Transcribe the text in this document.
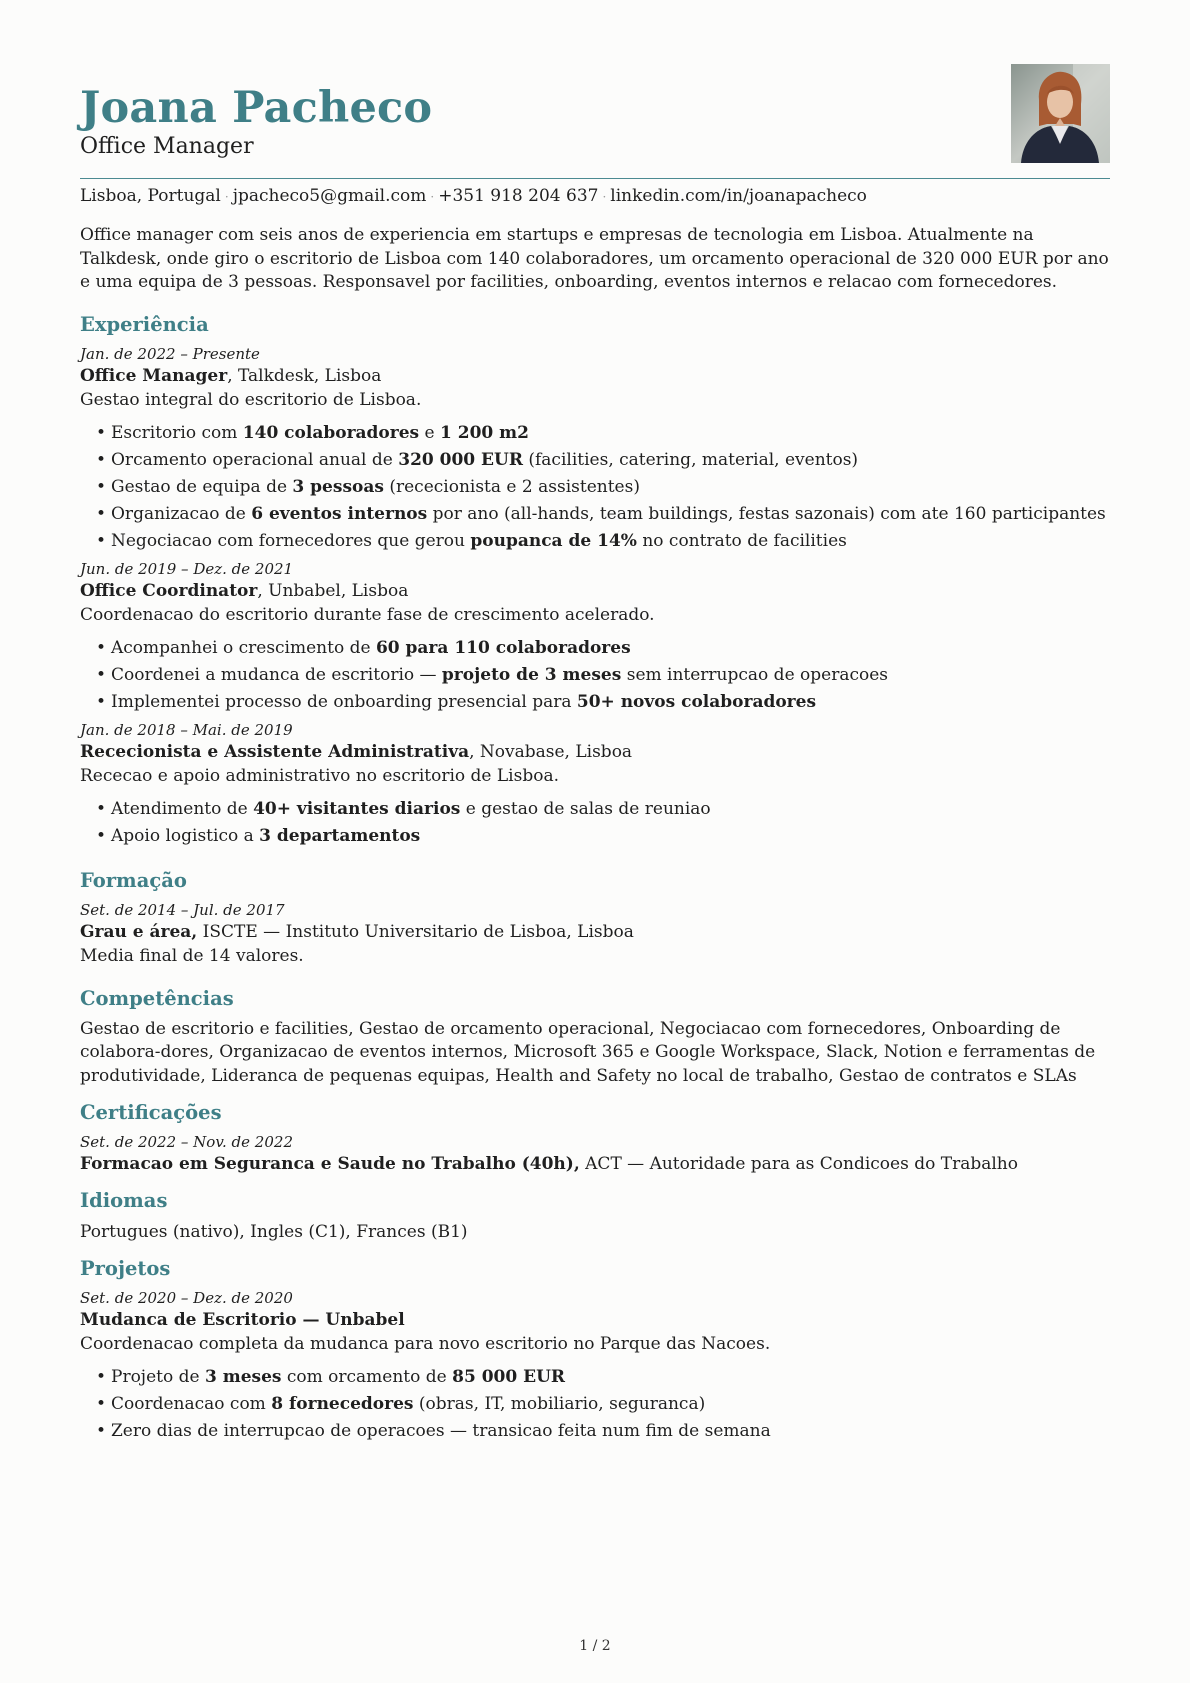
Joana Pacheco
Office Manager
Lisboa, Portugal · jpacheco5@gmail.com · +351 918 204 637 · linkedin.com/in/joanapacheco

Office manager com seis anos de experiencia em startups e empresas de tecnologia em Lisboa. Atualmente na Talkdesk, onde giro o escritorio de Lisboa com 140 colaboradores, um orcamento operacional de 320 000 EUR por ano e uma equipa de 3 pessoas. Responsavel por facilities, onboarding, eventos internos e relacao com fornecedores.

Experiência
Jan. de 2022 – Presente
Office Manager, Talkdesk, Lisboa
Gestao integral do escritorio de Lisboa.
• Escritorio com 140 colaboradores e 1 200 m2
• Orcamento operacional anual de 320 000 EUR (facilities, catering, material, eventos)
• Gestao de equipa de 3 pessoas (rececionista e 2 assistentes)
• Organizacao de 6 eventos internos por ano (all-hands, team buildings, festas sazonais) com ate 160 participantes
• Negociacao com fornecedores que gerou poupanca de 14% no contrato de facilities
Jun. de 2019 – Dez. de 2021
Office Coordinator, Unbabel, Lisboa
Coordenacao do escritorio durante fase de crescimento acelerado.
• Acompanhei o crescimento de 60 para 110 colaboradores
• Coordenei a mudanca de escritorio — projeto de 3 meses sem interrupcao de operacoes
• Implementei processo de onboarding presencial para 50+ novos colaboradores
Jan. de 2018 – Mai. de 2019
Rececionista e Assistente Administrativa, Novabase, Lisboa
Rececao e apoio administrativo no escritorio de Lisboa.
• Atendimento de 40+ visitantes diarios e gestao de salas de reuniao
• Apoio logistico a 3 departamentos
Formação
Set. de 2014 – Jul. de 2017
Grau e área, ISCTE — Instituto Universitario de Lisboa, Lisboa
Media final de 14 valores.
Competências

Gestao de escritorio e facilities, Gestao de orcamento operacional, Negociacao com fornecedores, Onboarding de colabora-dores, Organizacao de eventos internos, Microsoft 365 e Google Workspace, Slack, Notion e ferramentas de produtividade, Lideranca de pequenas equipas, Health and Safety no local de trabalho, Gestao de contratos e SLAs

Certificações
Set. de 2022 – Nov. de 2022
Formacao em Seguranca e Saude no Trabalho (40h), ACT — Autoridade para as Condicoes do Trabalho
Idiomas
Portugues (nativo), Ingles (C1), Frances (B1)
Projetos
Set. de 2020 – Dez. de 2020
Mudanca de Escritorio — Unbabel
Coordenacao completa da mudanca para novo escritorio no Parque das Nacoes.
• Projeto de 3 meses com orcamento de 85 000 EUR
• Coordenacao com 8 fornecedores (obras, IT, mobiliario, seguranca)
• Zero dias de interrupcao de operacoes — transicao feita num fim de semana
1 / 2
